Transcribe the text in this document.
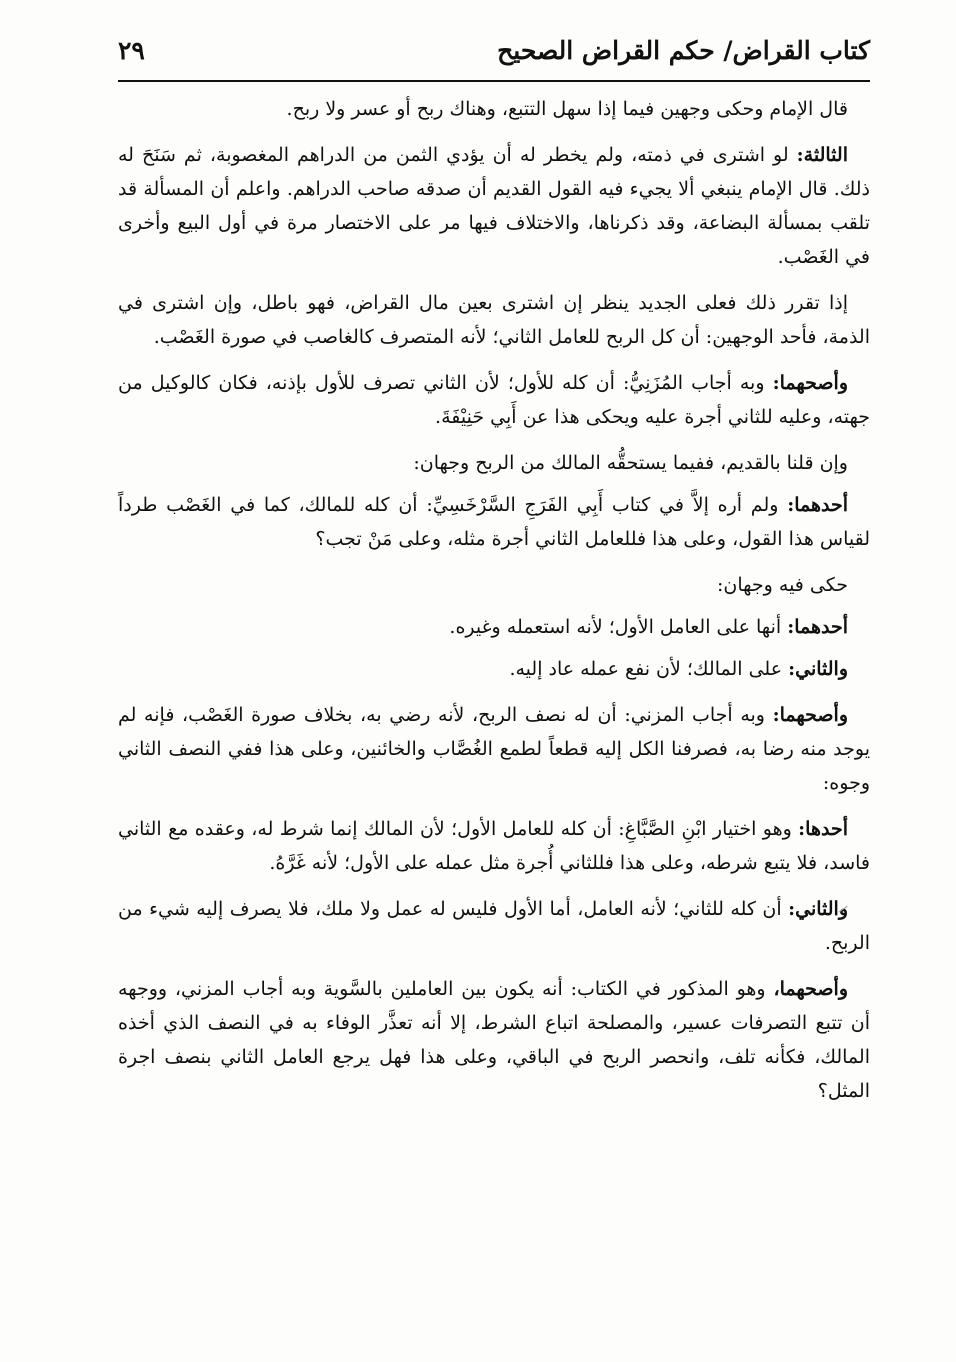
كتاب القراض/ حكم القراض الصحيح
٢٩

قال الإمام وحكى وجهين فيما إذا سهل التتبع، وهناك ربح أو عسر ولا ربح.

الثالثة: لو اشترى في ذمته، ولم يخطر له أن يؤدي الثمن من الدراهم المغصوبة، ثم سَنَحَ له ذلك. قال الإمام ينبغي ألا يجيء فيه القول القديم أن صدقه صاحب الدراهم. واعلم أن المسألة قد تلقب بمسألة البضاعة، وقد ذكرناها، والاختلاف فيها مر على الاختصار مرة في أول البيع وأخرى في الغَصْب.

إذا تقرر ذلك فعلى الجديد ينظر إن اشترى بعين مال القراض، فهو باطل، وإن اشترى في الذمة، فأحد الوجهين: أن كل الربح للعامل الثاني؛ لأنه المتصرف كالغاصب في صورة الغَصْب.

وأصحهما: وبه أجاب المُزَنِيُّ: أن كله للأول؛ لأن الثاني تصرف للأول بإذنه، فكان كالوكيل من جهته، وعليه للثاني أجرة عليه ويحكى هذا عن أَبِي حَنِيْفَةَ.

وإن قلنا بالقديم، ففيما يستحقُّه المالك من الربح وجهان:

أحدهما: ولم أره إلاَّ في كتاب أَبِي الفَرَجِ السَّرْخَسِيِّ: أن كله للمالك، كما في الغَصْب طرداً لقياس هذا القول، وعلى هذا فللعامل الثاني أجرة مثله، وعلى مَنْ تجب؟

حكى فيه وجهان:

أحدهما: أنها على العامل الأول؛ لأنه استعمله وغيره.

والثاني: على المالك؛ لأن نفع عمله عاد إليه.

وأصحهما: وبه أجاب المزني: أن له نصف الربح، لأنه رضي به، بخلاف صورة الغَصْب، فإنه لم يوجد منه رضا به، فصرفنا الكل إليه قطعاً لطمع الغُصَّاب والخائنين، وعلى هذا ففي النصف الثاني وجوه:

أحدها: وهو اختيار ابْنِ الصَّبَّاغِ: أن كله للعامل الأول؛ لأن المالك إنما شرط له، وعقده مع الثاني فاسد، فلا يتبع شرطه، وعلى هذا فللثاني أُجرة مثل عمله على الأول؛ لأنه غَرَّهُ.

والثاني: أن كله للثاني؛ لأنه العامل، أما الأول فليس له عمل ولا ملك، فلا يصرف إليه شيء من الربح.

وأصحهما، وهو المذكور في الكتاب: أنه يكون بين العاملين بالسَّوية وبه أجاب المزني، ووجهه أن تتبع التصرفات عسير، والمصلحة اتباع الشرط، إلا أنه تعذَّر الوفاء به في النصف الذي أخذه المالك، فكأنه تلف، وانحصر الربح في الباقي، وعلى هذا فهل يرجع العامل الثاني بنصف اجرة المثل؟
